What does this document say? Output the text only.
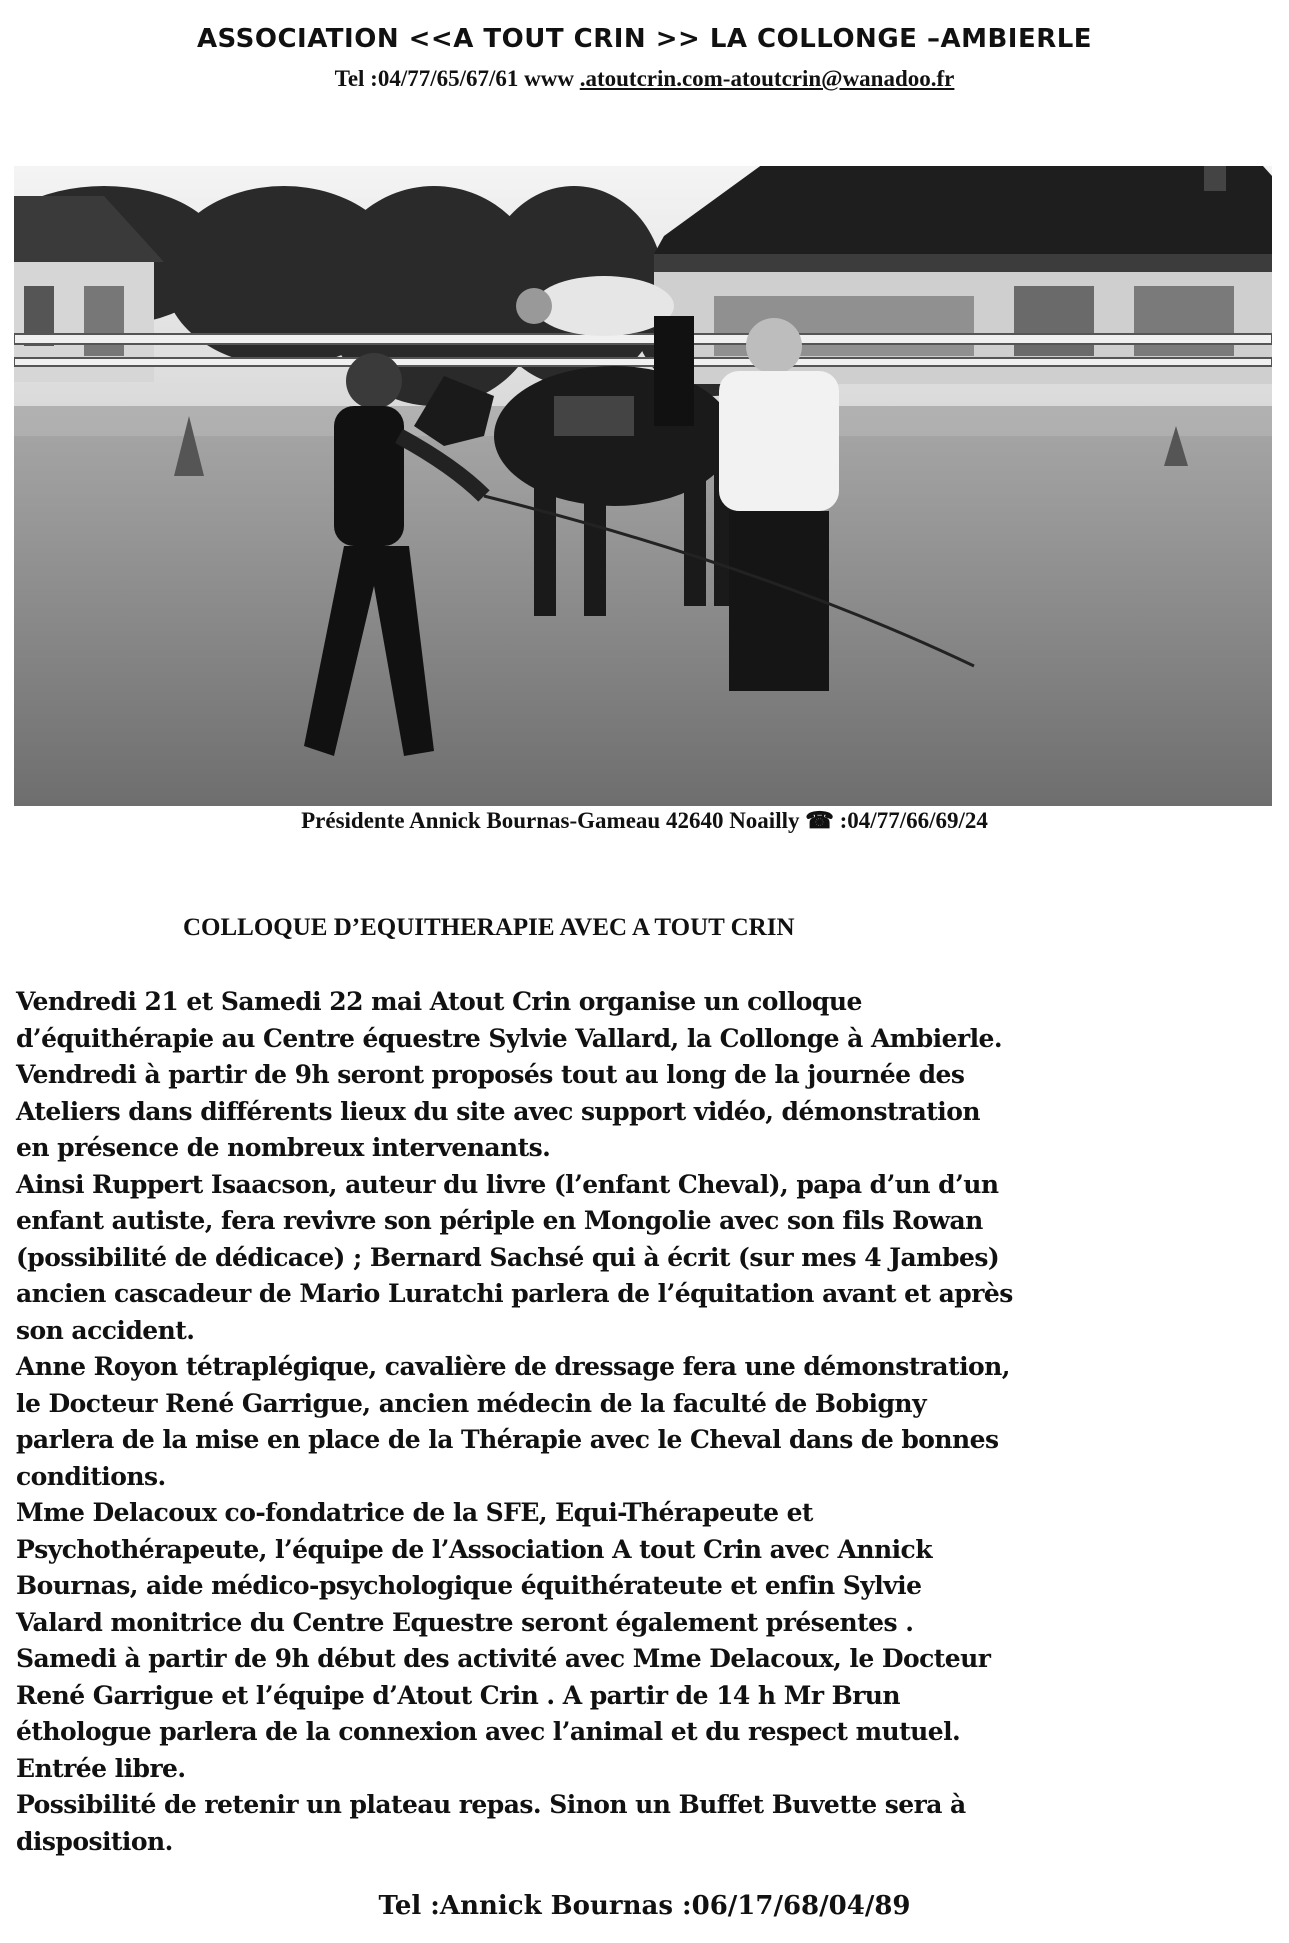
ASSOCIATION <<A TOUT CRIN >> LA COLLONGE –AMBIERLE
Tel :04/77/65/67/61 www .atoutcrin.com-atoutcrin@wanadoo.fr
Présidente Annick Bournas-Gameau 42640 Noailly ☎ :04/77/66/69/24
COLLOQUE D’EQUITHERAPIE AVEC A TOUT CRIN
Vendredi 21 et Samedi 22 mai Atout Crin organise un colloque
d’équithérapie au Centre équestre Sylvie Vallard, la Collonge à Ambierle.
Vendredi à partir de 9h seront proposés tout au long de la journée des
Ateliers dans différents lieux du site avec support vidéo, démonstration
en présence de nombreux intervenants.
Ainsi Ruppert Isaacson, auteur du livre (l’enfant Cheval), papa d’un d’un
enfant autiste, fera revivre son périple en Mongolie avec son fils Rowan
(possibilité de dédicace) ; Bernard Sachsé qui à écrit (sur mes 4 Jambes)
ancien cascadeur de Mario Luratchi parlera de l’équitation avant et après
son accident.
Anne Royon tétraplégique, cavalière de dressage fera une démonstration,
le Docteur René Garrigue, ancien médecin de la faculté de Bobigny
parlera de la mise en place de la Thérapie avec le Cheval dans de bonnes
conditions.
Mme Delacoux co-fondatrice de la SFE, Equi-Thérapeute et
Psychothérapeute, l’équipe de l’Association A tout Crin avec Annick
Bournas, aide médico-psychologique équithérateute et enfin Sylvie
Valard monitrice du Centre Equestre seront également présentes .
Samedi à partir de 9h début des activité avec Mme Delacoux, le Docteur
René Garrigue et l’équipe d’Atout Crin . A partir de 14 h Mr Brun
éthologue parlera de la connexion avec l’animal et du respect mutuel.
Entrée libre.
Possibilité de retenir un plateau repas. Sinon un Buffet Buvette sera à
disposition.
Tel :Annick Bournas :06/17/68/04/89
